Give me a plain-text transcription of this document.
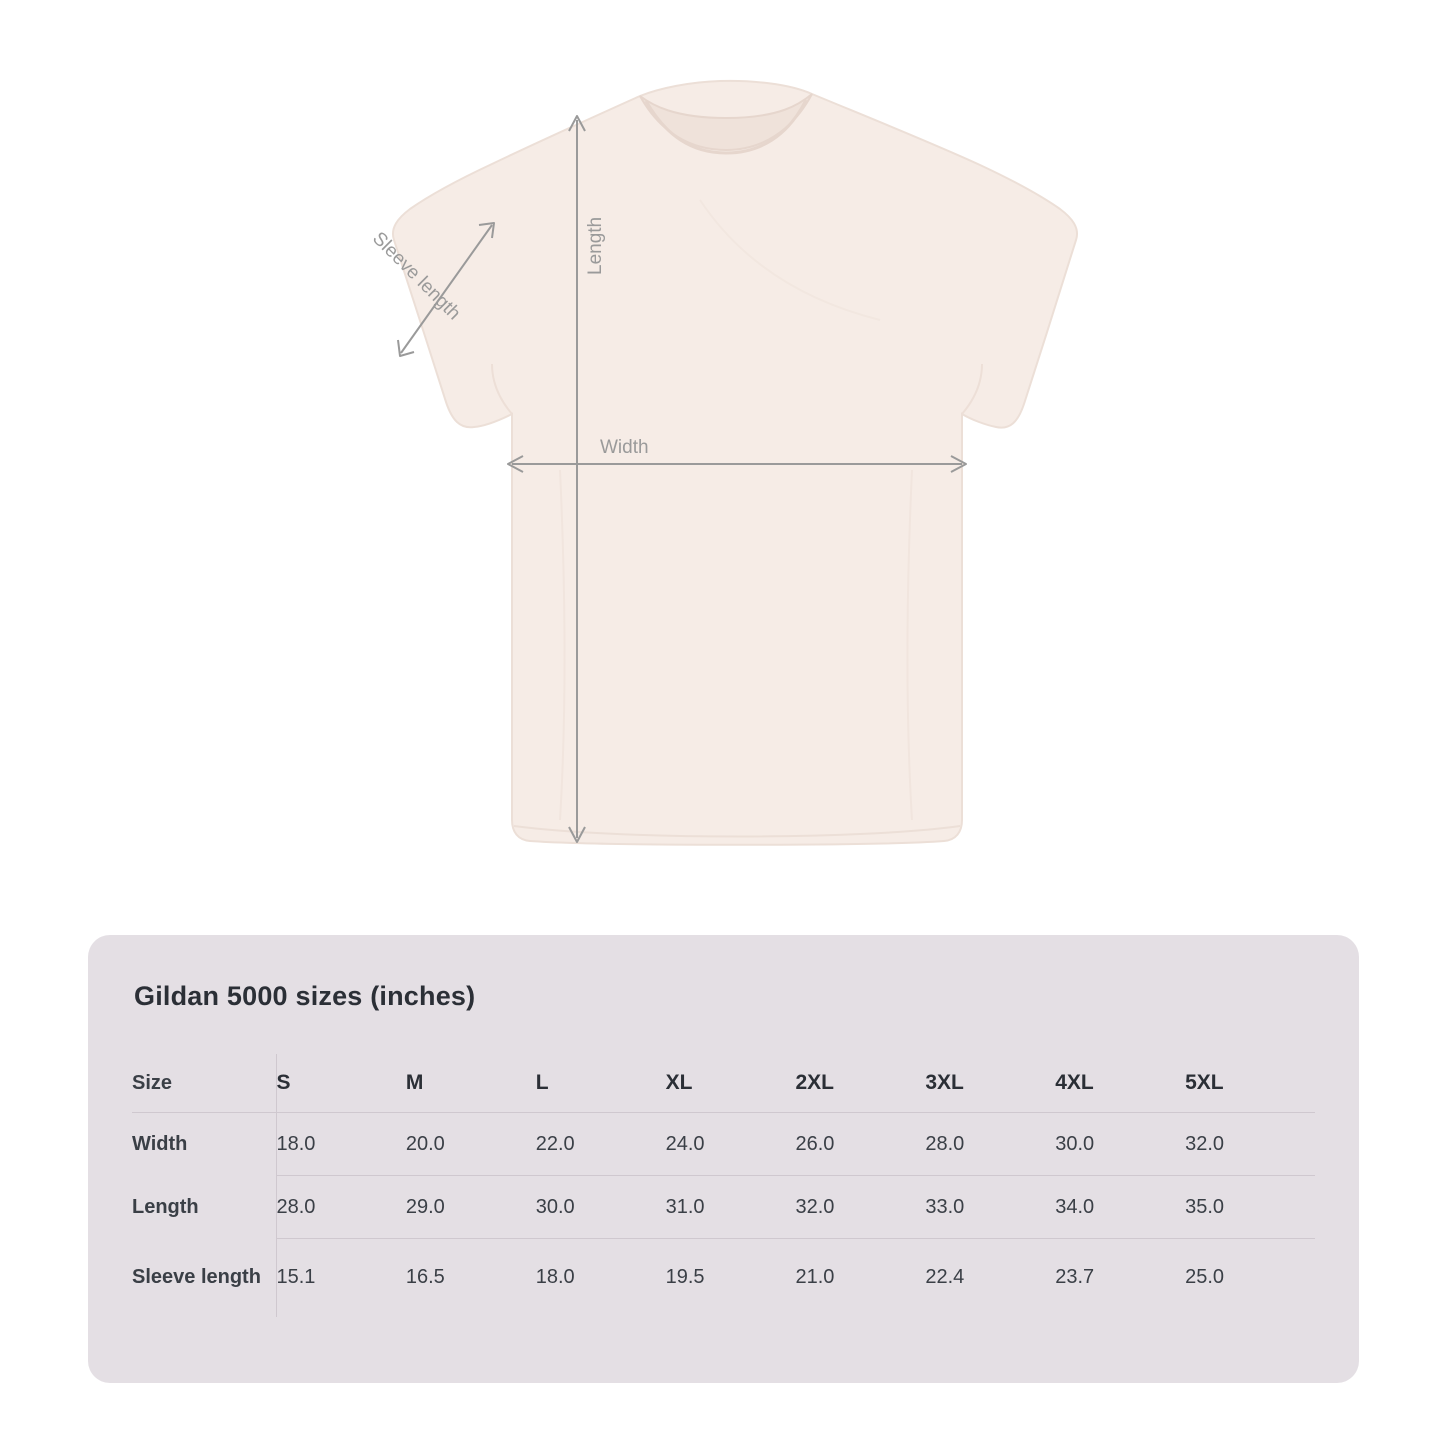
Length
Width
Sleeve length
Gildan 5000 sizes (inches)
Size	S	M	L	XL	2XL	3XL	4XL	5XL
Width	18.0	20.0	22.0	24.0	26.0	28.0	30.0	32.0
Length	28.0	29.0	30.0	31.0	32.0	33.0	34.0	35.0
Sleeve length	15.1	16.5	18.0	19.5	21.0	22.4	23.7	25.0
